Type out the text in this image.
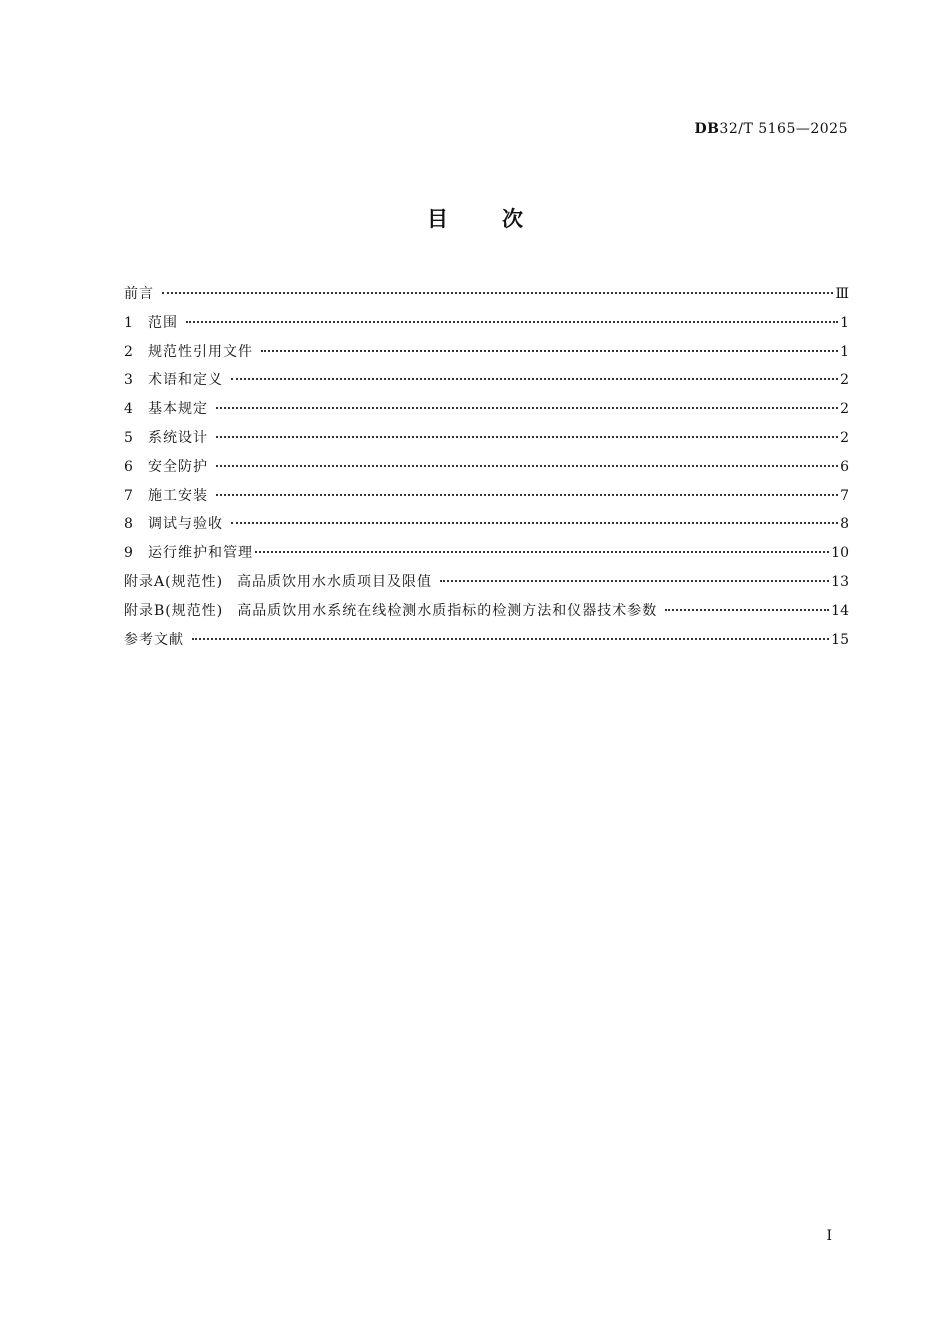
DB32/T 5165—2025
目次
前言	Ⅲ
1	范围	1
2	规范性引用文件	1
3	术语和定义	2
4	基本规定	2
5	系统设计	2
6	安全防护	6
7	施工安装	7
8	调试与验收	8
9	运行维护和管理	10
附录A(规范性) 高品质饮用水水质项目及限值	13
附录B(规范性) 高品质饮用水系统在线检测水质指标的检测方法和仪器技术参数	14
参考文献	15
I
